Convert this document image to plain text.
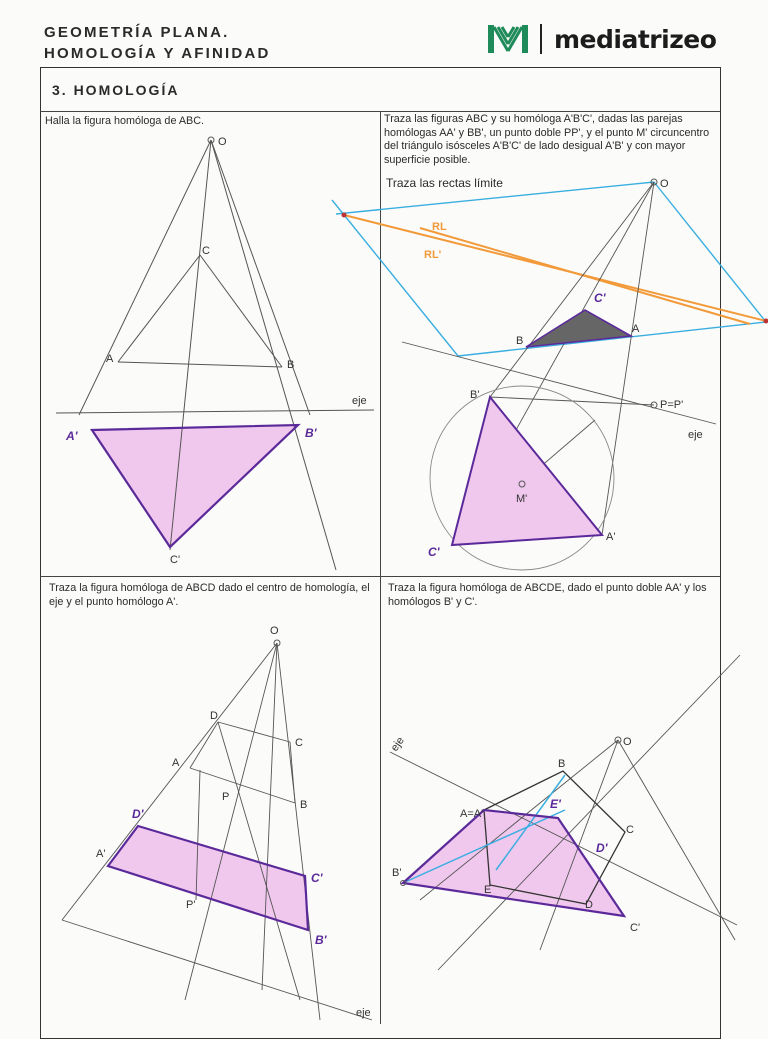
GEOMETRÍA PLANA.
HOMOLOGÍA Y AFINIDAD	mediatrizeo
3. HOMOLOGÍA
Halla la figura homóloga de ABC.	Traza las figuras ABC y su homóloga A'B'C', dadas las parejas homólogas AA' y BB', un punto doble PP', y el punto M' circuncentro del triángulo isósceles A'B'C' de lado desigual A'B' y con mayor superficie posible.
Traza las rectas límite
Traza la figura homóloga de ABCD dado el centro de homología, el eje y el punto homólogo A'.
Traza la figura homóloga de ABCDE, dado el punto doble AA' y los homólogos B' y C'.
O
C
A	B
eje
A'	B'
C'
O
RL
RL'
C'
A
B
B'
P=P'
eje
M'
C'
A'
O
D
A
C
P
B
D'
A'
C'
P'
B'
eje
eje	O
B
A=A'
E'
C
D'
B'
E
D
C'
